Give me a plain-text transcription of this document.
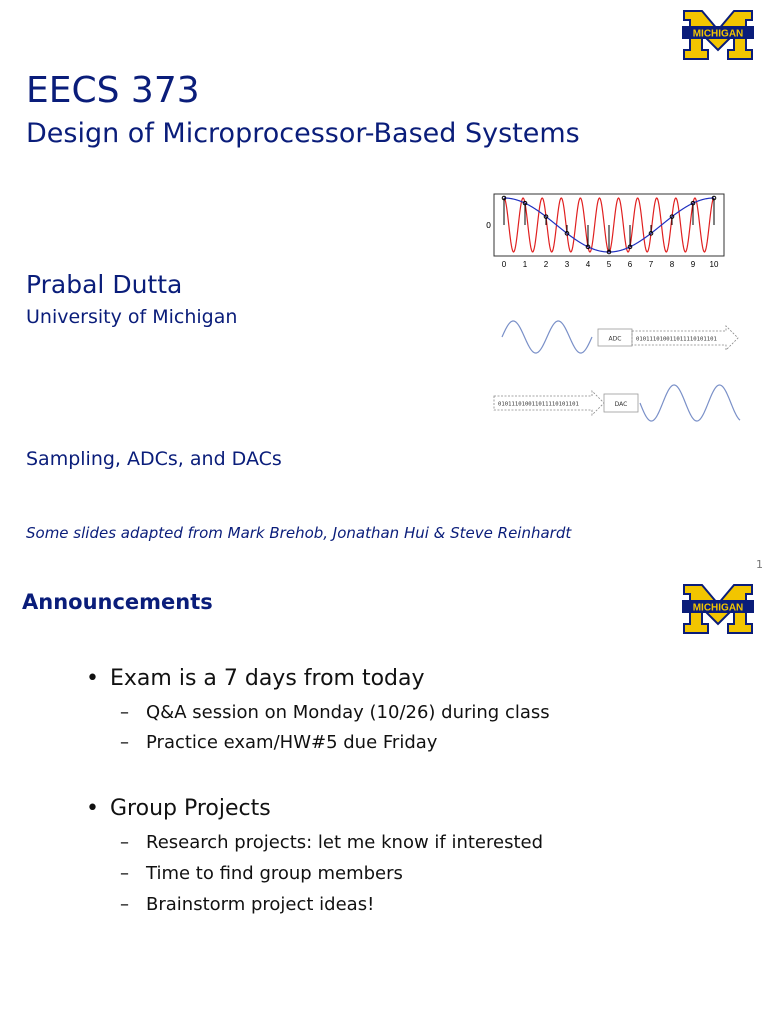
MICHIGAN

EECS 373

Design of Microprocessor-Based Systems

Prabal Dutta

University of Michigan

Sampling, ADCs, and DACs

Some slides adapted from Mark Brehob, Jonathan Hui & Steve Reinhardt

1

0
0 1 2 3 4 5 6 7 8 9 10
ADC	010111010011011110101101
010111010011011110101101	DAC

Announcements	MICHIGAN
• Exam is a 7 days from today
– Q&A session on Monday (10/26) during class
– Practice exam/HW#5 due Friday
• Group Projects
– Research projects: let me know if interested
– Time to find group members
– Brainstorm project ideas!
